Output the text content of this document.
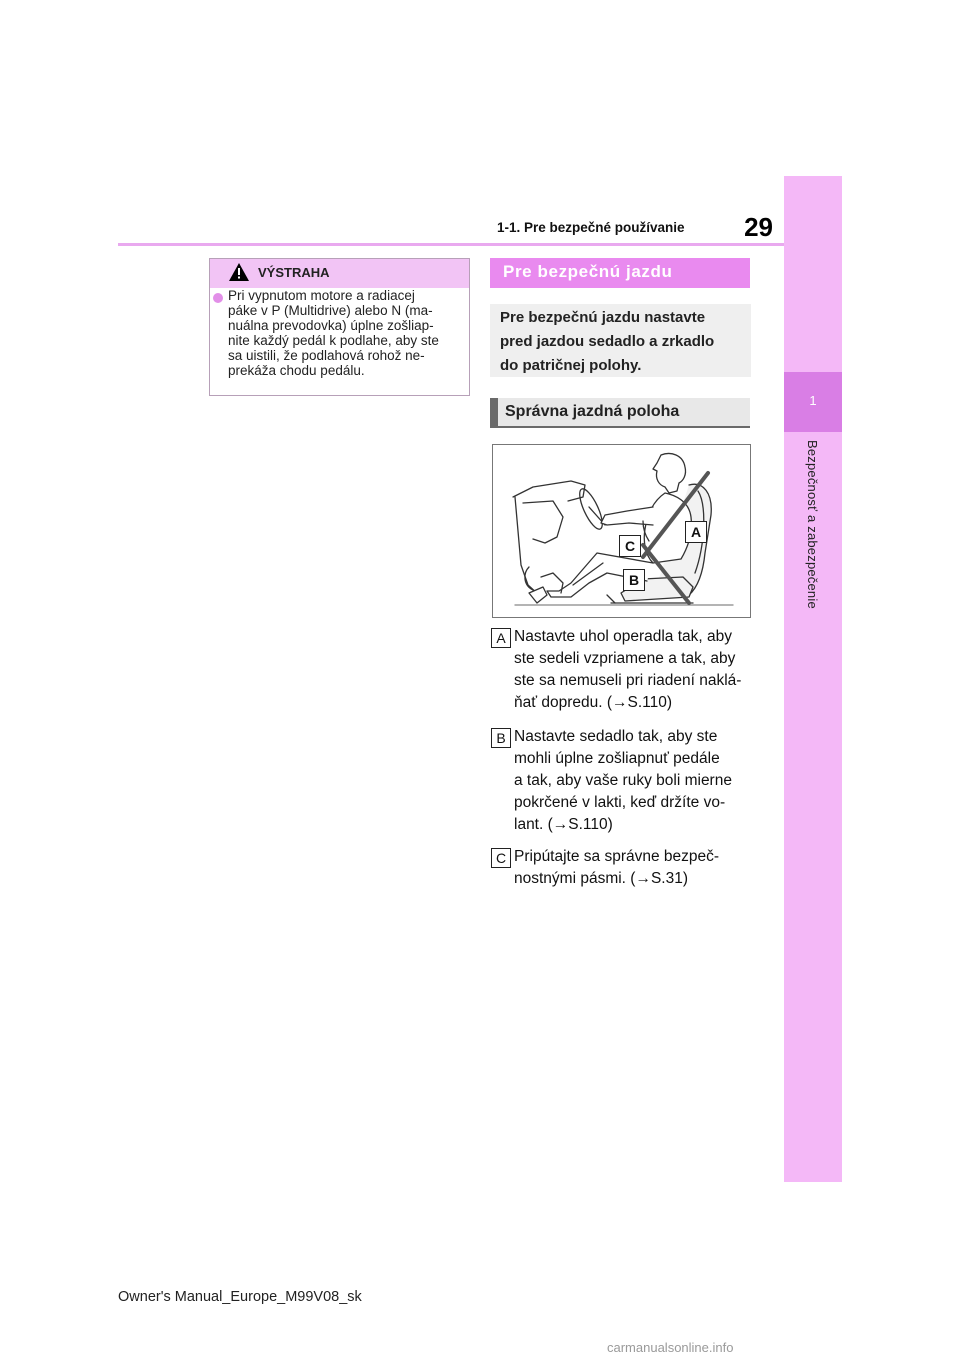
1-1. Pre bezpečné používanie	29
1
Bezpečnosť a zabezpečenie
VÝSTRAHA
Pri vypnutom motore a radiacej
páke v P (Multidrive) alebo N (ma-
nuálna prevodovka) úplne zošliap-
nite každý pedál k podlahe, aby ste
sa uistili, že podlahová rohož ne-
prekáža chodu pedálu.
Pre bezpečnú jazdu
Pre bezpečnú jazdu nastavte
pred jazdou sedadlo a zrkadlo
do patričnej polohy.
Správna jazdná poloha
A
C
B
A Nastavte uhol operadla tak, aby
ste sedeli vzpriamene a tak, aby
ste sa nemuseli pri riadení naklá-
ňať dopredu. (→S.110)
B Nastavte sedadlo tak, aby ste
mohli úplne zošliapnuť pedále
a tak, aby vaše ruky boli mierne
pokrčené v lakti, keď držíte vo-
lant. (→S.110)
C Pripútajte sa správne bezpeč-
nostnými pásmi. (→S.31)
Owner's Manual_Europe_M99V08_sk
carmanualsonline.info
